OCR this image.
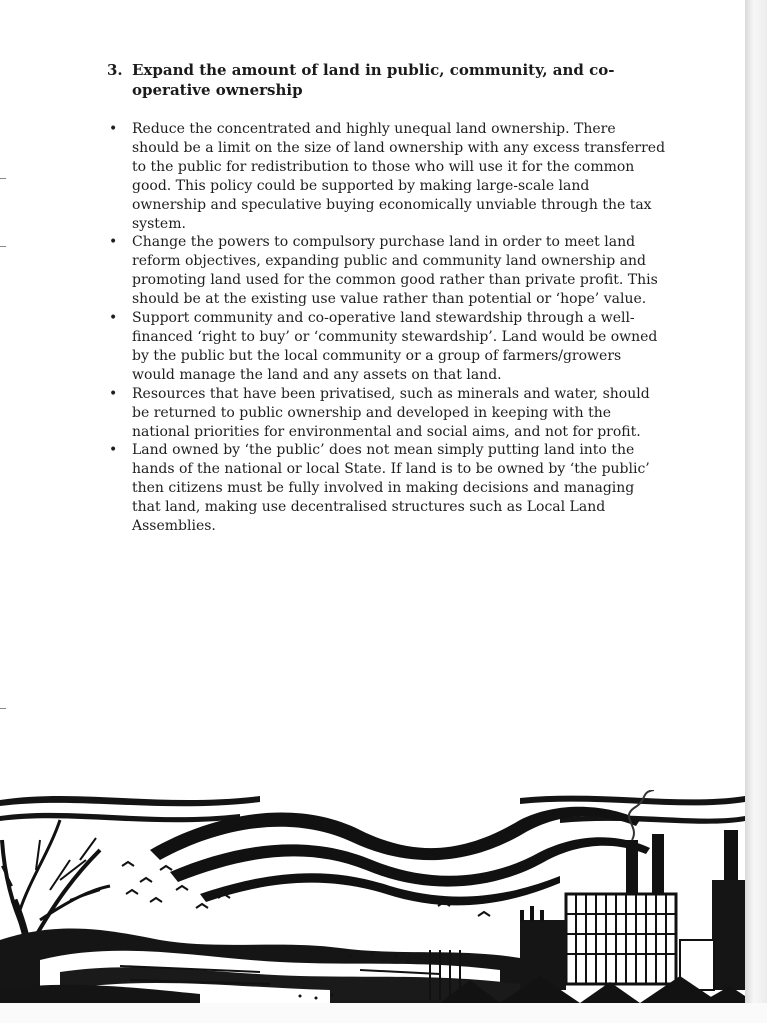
3. Expand the amount of land in public, community, and co-operative ownership
• Reduce the concentrated and highly unequal land ownership. There should be a limit on the size of land ownership with any excess transferred to the public for redistribution to those who will use it for the common good. This policy could be supported by making large-scale land ownership and speculative buying economically unviable through the tax system.
• Change the powers to compulsory purchase land in order to meet land reform objectives, expanding public and community land ownership and promoting land used for the common good rather than private profit. This should be at the existing use value rather than potential or ‘hope’ value.
• Support community and co-operative land stewardship through a well-financed ‘right to buy’ or ‘community stewardship’. Land would be owned by the public but the local community or a group of farmers/growers would manage the land and any assets on that land.
• Resources that have been privatised, such as minerals and water, should be returned to public ownership and developed in keeping with the national priorities for environmental and social aims, and not for profit.
• Land owned by ‘the public’ does not mean simply putting land into the hands of the national or local State. If land is to be owned by ‘the public’ then citizens must be fully involved in making decisions and managing that land, making use decentralised structures such as Local Land Assemblies.
